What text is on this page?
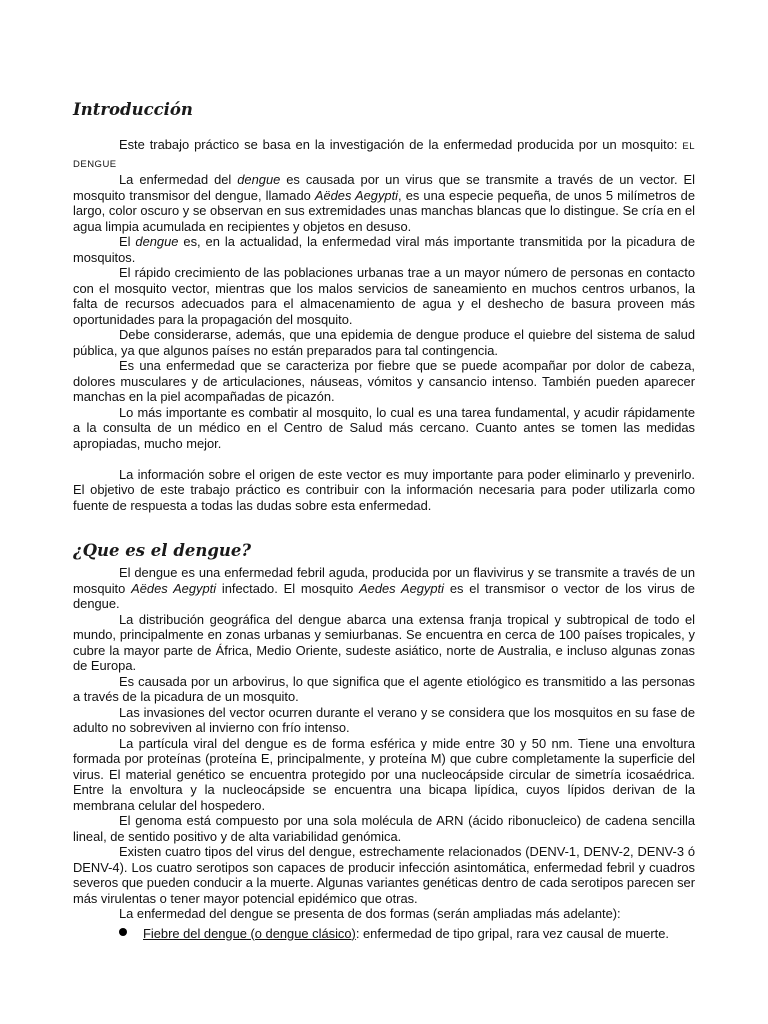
Introducción

Este trabajo práctico se basa en la investigación de la enfermedad producida por un mosquito: EL DENGUE

La enfermedad del dengue es causada por un virus que se transmite a través de un vector. El mosquito transmisor del dengue, llamado Aëdes Aegypti, es una especie pequeña, de unos 5 milímetros de largo, color oscuro y se observan en sus extremidades unas manchas blancas que lo distingue. Se cría en el agua limpia acumulada en recipientes y objetos en desuso.

El dengue es, en la actualidad, la enfermedad viral más importante transmitida por la picadura de mosquitos.

El rápido crecimiento de las poblaciones urbanas trae a un mayor número de personas en contacto con el mosquito vector, mientras que los malos servicios de saneamiento en muchos centros urbanos, la falta de recursos adecuados para el almacenamiento de agua y el deshecho de basura proveen más oportunidades para la propagación del mosquito.

Debe considerarse, además, que una epidemia de dengue produce el quiebre del sistema de salud pública, ya que algunos países no están preparados para tal contingencia.

Es una enfermedad que se caracteriza por fiebre que se puede acompañar por dolor de cabeza, dolores musculares y de articulaciones, náuseas, vómitos y cansancio intenso. También pueden aparecer manchas en la piel acompañadas de picazón.

Lo más importante es combatir al mosquito, lo cual es una tarea fundamental, y acudir rápidamente a la consulta de un médico en el Centro de Salud más cercano. Cuanto antes se tomen las medidas apropiadas, mucho mejor.

La información sobre el origen de este vector es muy importante para poder eliminarlo y prevenirlo. El objetivo de este trabajo práctico es contribuir con la información necesaria para poder utilizarla como fuente de respuesta a todas las dudas sobre esta enfermedad.

¿Que es el dengue?

El dengue es una enfermedad febril aguda, producida por un flavivirus y se transmite a través de un mosquito Aëdes Aegypti infectado. El mosquito Aedes Aegypti es el transmisor o vector de los virus de dengue.

La distribución geográfica del dengue abarca una extensa franja tropical y subtropical de todo el mundo, principalmente en zonas urbanas y semiurbanas. Se encuentra en cerca de 100 países tropicales, y cubre la mayor parte de África, Medio Oriente, sudeste asiático, norte de Australia, e incluso algunas zonas de Europa.

Es causada por un arbovirus, lo que significa que el agente etiológico es transmitido a las personas a través de la picadura de un mosquito.

Las invasiones del vector ocurren durante el verano y se considera que los mosquitos en su fase de adulto no sobreviven al invierno con frío intenso.

La partícula viral del dengue es de forma esférica y mide entre 30 y 50 nm. Tiene una envoltura formada por proteínas (proteína E, principalmente, y proteína M) que cubre completamente la superficie del virus. El material genético se encuentra protegido por una nucleocápside circular de simetría icosaédrica. Entre la envoltura y la nucleocápside se encuentra una bicapa lipídica, cuyos lípidos derivan de la membrana celular del hospedero.

El genoma está compuesto por una sola molécula de ARN (ácido ribonucleico) de cadena sencilla lineal, de sentido positivo y de alta variabilidad genómica.

Existen cuatro tipos del virus del dengue, estrechamente relacionados (DENV-1, DENV-2, DENV-3 ó DENV-4). Los cuatro serotipos son capaces de producir infección asintomática, enfermedad febril y cuadros severos que pueden conducir a la muerte. Algunas variantes genéticas dentro de cada serotipos parecen ser más virulentas o tener mayor potencial epidémico que otras.

La enfermedad del dengue se presenta de dos formas (serán ampliadas más adelante):

Fiebre del dengue (o dengue clásico): enfermedad de tipo gripal, rara vez causal de muerte.
